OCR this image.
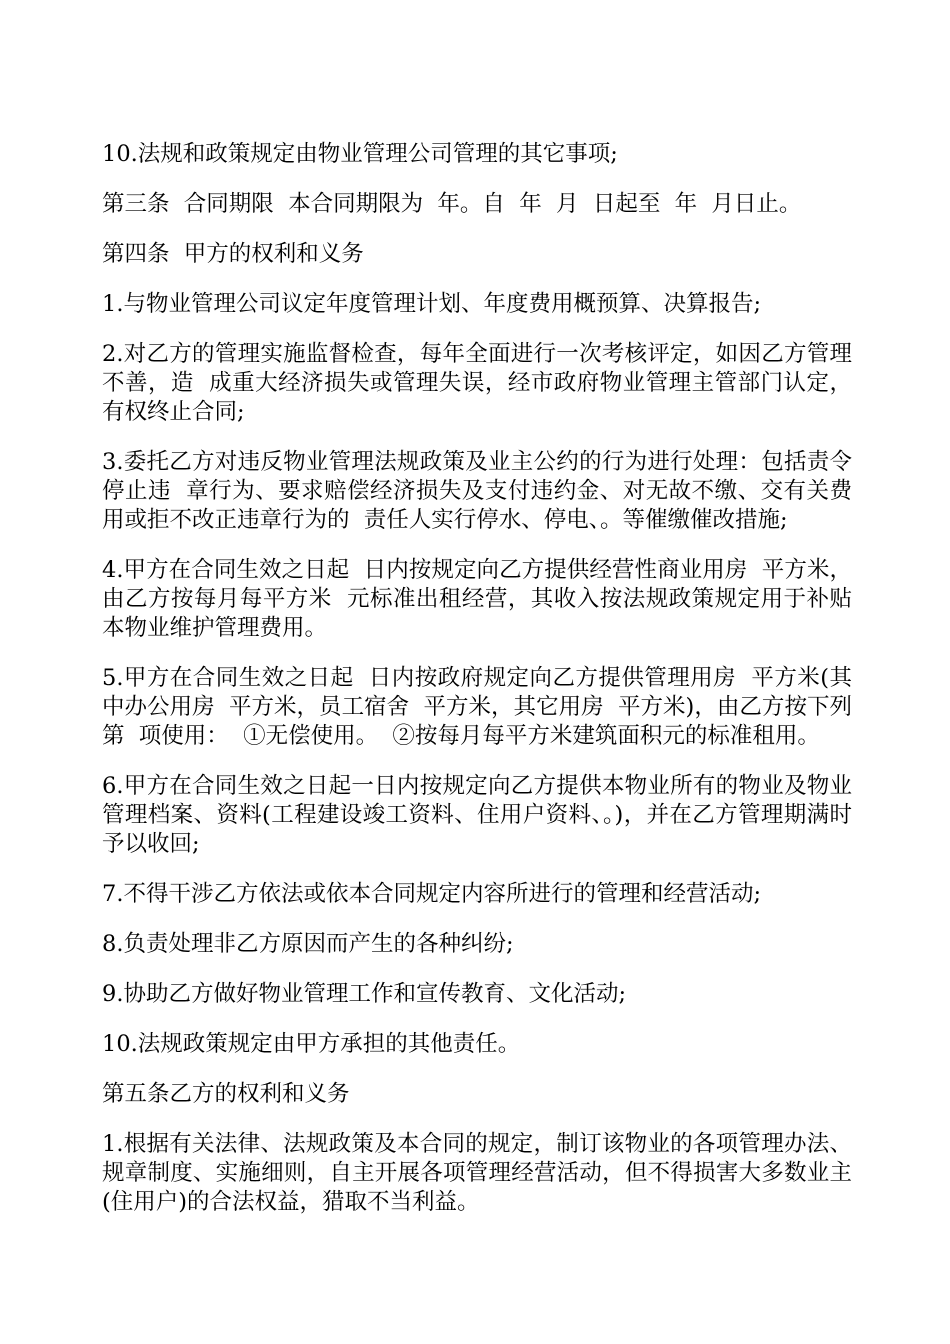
10.法规和政策规定由物业管理公司管理的其它事项;

第三条  合同期限  本合同期限为  年。自  年  月  日起至  年  月日止。

第四条  甲方的权利和义务

1.与物业管理公司议定年度管理计划、年度费用概预算、决算报告;

2.对乙方的管理实施监督检查，每年全面进行一次考核评定，如因乙方管理不善，造  成重大经济损失或管理失误，经市政府物业管理主管部门认定，有权终止合同;

3.委托乙方对违反物业管理法规政策及业主公约的行为进行处理：包括责令停止违  章行为、要求赔偿经济损失及支付违约金、对无故不缴、交有关费用或拒不改正违章行为的  责任人实行停水、停电、。等催缴催改措施;

4.甲方在合同生效之日起  日内按规定向乙方提供经营性商业用房  平方米，由乙方按每月每平方米  元标准出租经营，其收入按法规政策规定用于补贴本物业维护管理费用。

5.甲方在合同生效之日起  日内按政府规定向乙方提供管理用房  平方米(其中办公用房  平方米，员工宿舍  平方米，其它用房  平方米)，由乙方按下列第  项使用：  ①无偿使用。  ②按每月每平方米建筑面积元的标准租用。

6.甲方在合同生效之日起一日内按规定向乙方提供本物业所有的物业及物业管理档案、资料(工程建设竣工资料、住用户资料、。)，并在乙方管理期满时予以收回;

7.不得干涉乙方依法或依本合同规定内容所进行的管理和经营活动;

8.负责处理非乙方原因而产生的各种纠纷;

9.协助乙方做好物业管理工作和宣传教育、文化活动;

10.法规政策规定由甲方承担的其他责任。

第五条乙方的权利和义务

1.根据有关法律、法规政策及本合同的规定，制订该物业的各项管理办法、规章制度、实施细则，自主开展各项管理经营活动，但不得损害大多数业主(住用户)的合法权益，猎取不当利益。
